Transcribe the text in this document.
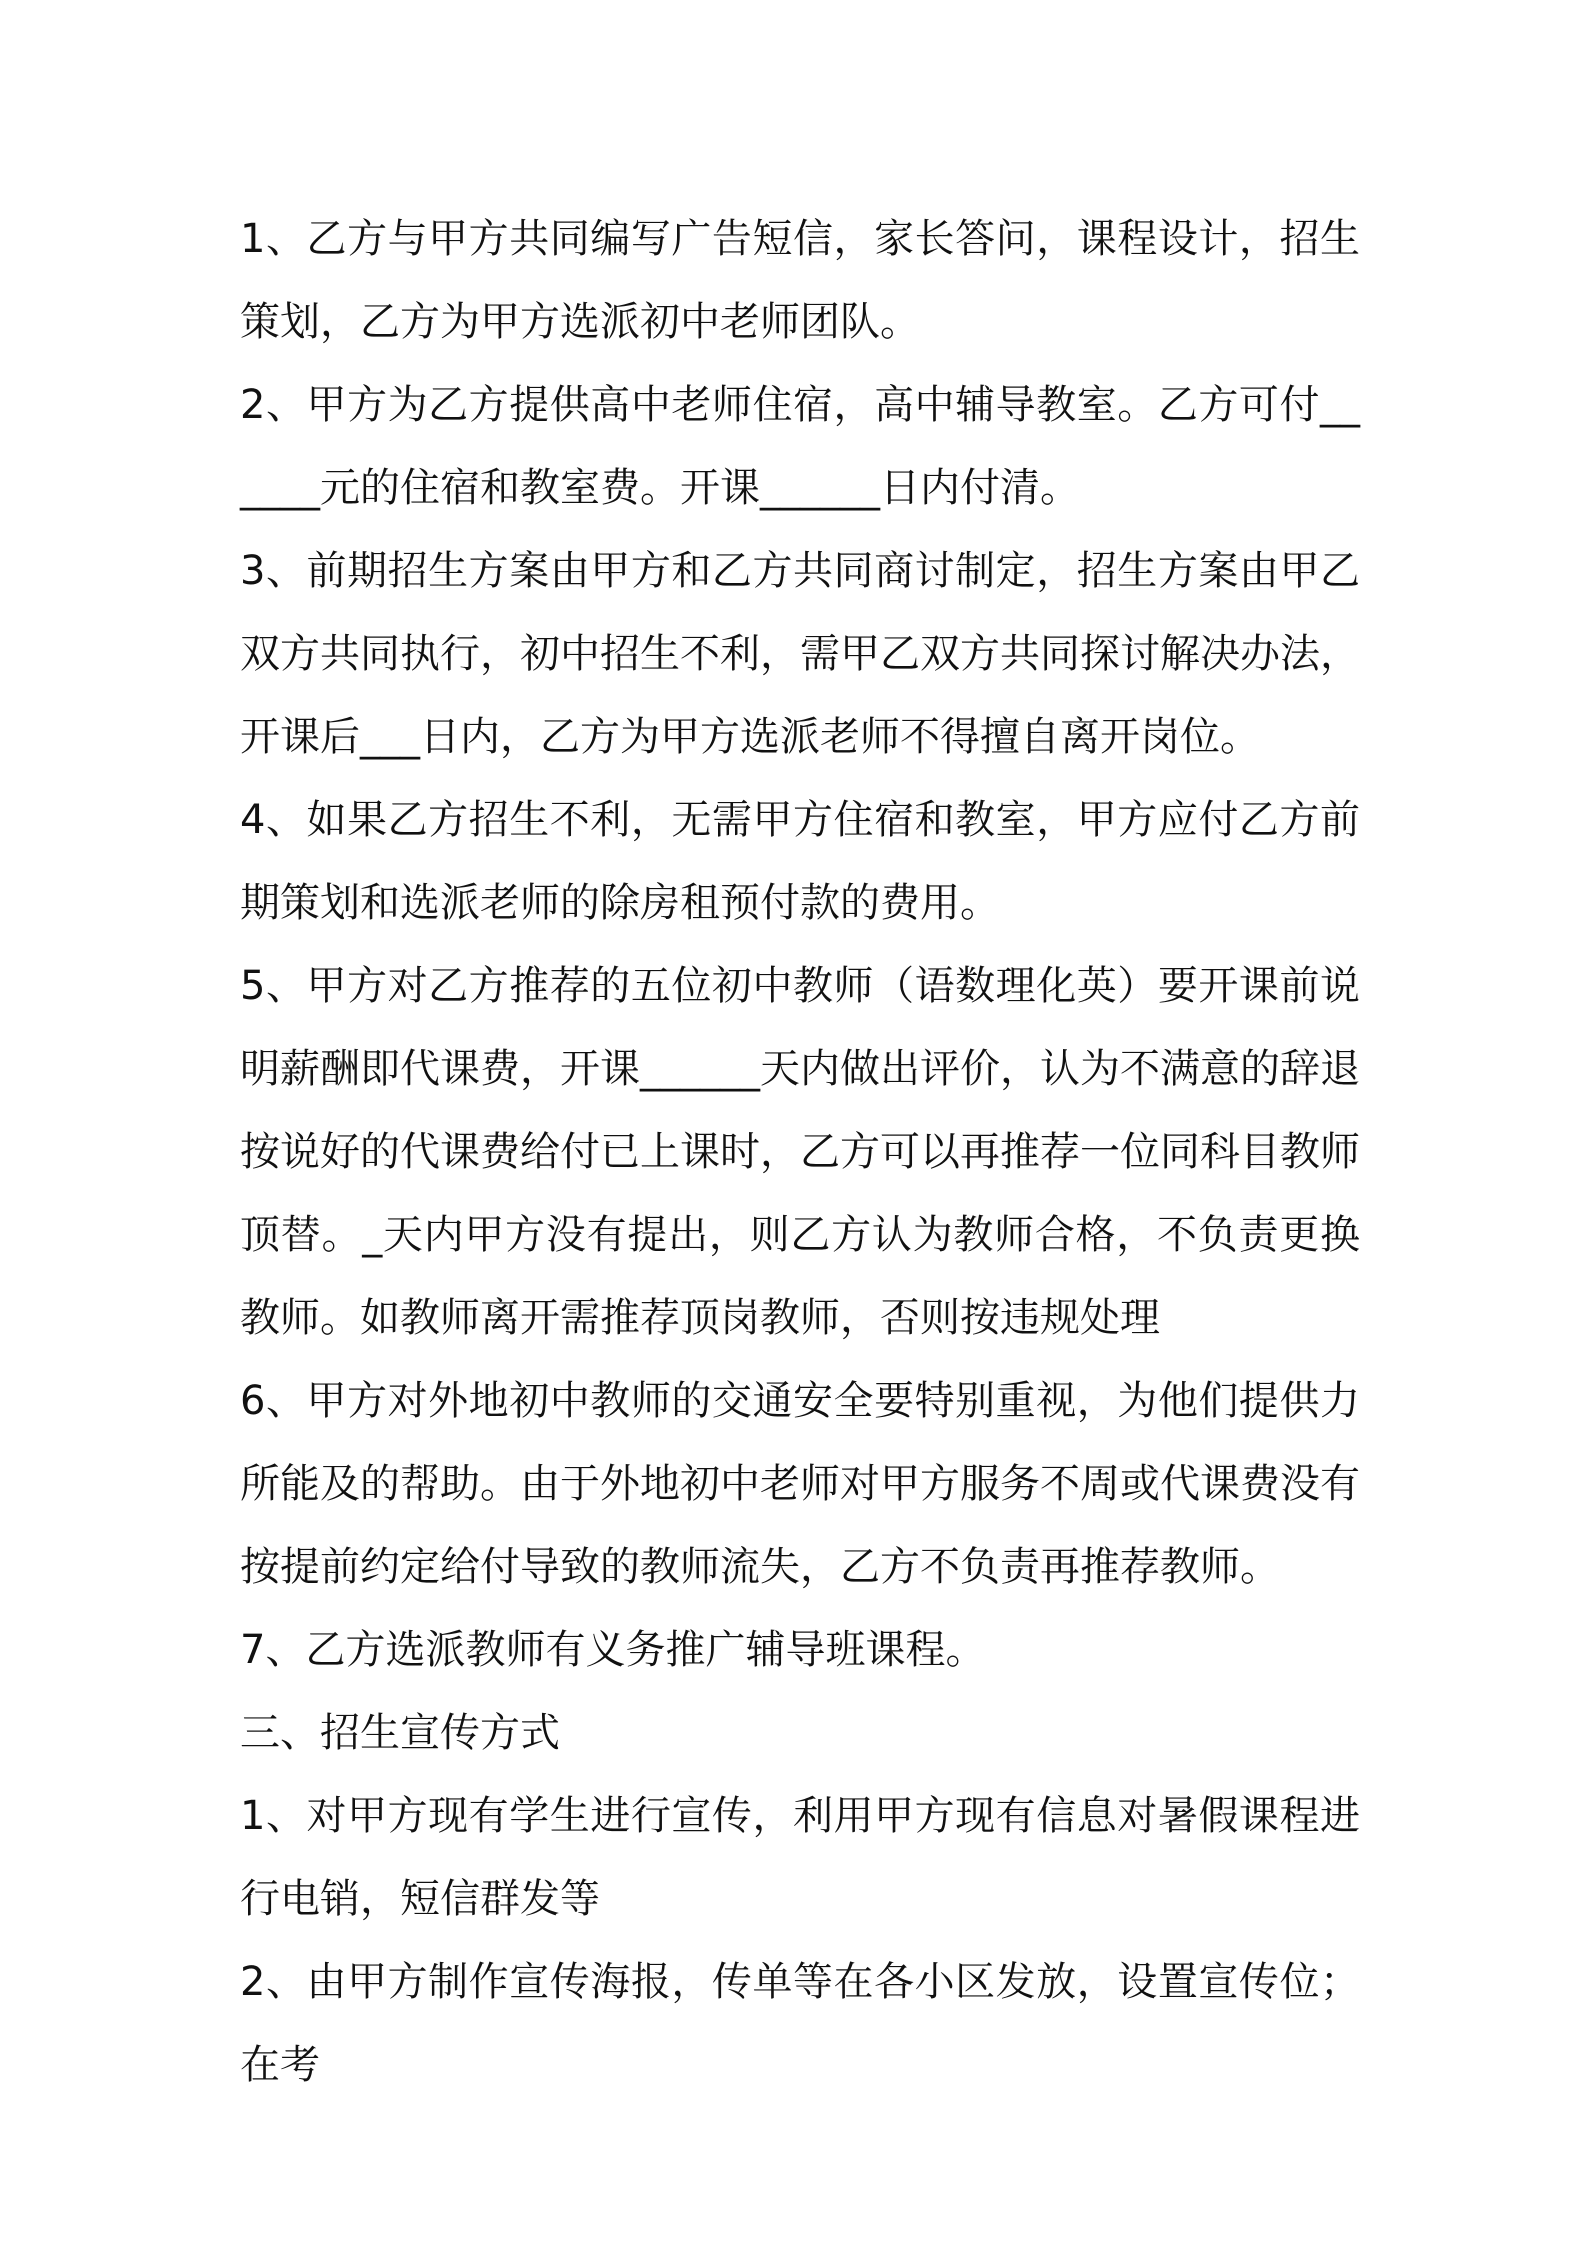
1、乙方与甲方共同编写广告短信，家长答问，课程设计，招生策划，乙方为甲方选派初中老师团队。

2、甲方为乙方提供高中老师住宿，高中辅导教室。乙方可付______元的住宿和教室费。开课______日内付清。

3、前期招生方案由甲方和乙方共同商讨制定，招生方案由甲乙双方共同执行，初中招生不利，需甲乙双方共同探讨解决办法，开课后___日内，乙方为甲方选派老师不得擅自离开岗位。

4、如果乙方招生不利，无需甲方住宿和教室，甲方应付乙方前期策划和选派老师的除房租预付款的费用。

5、甲方对乙方推荐的五位初中教师（语数理化英）要开课前说明薪酬即代课费，开课______天内做出评价，认为不满意的辞退按说好的代课费给付已上课时，乙方可以再推荐一位同科目教师顶替。_天内甲方没有提出，则乙方认为教师合格，不负责更换教师。如教师离开需推荐顶岗教师，否则按违规处理

6、甲方对外地初中教师的交通安全要特别重视，为他们提供力所能及的帮助。由于外地初中老师对甲方服务不周或代课费没有按提前约定给付导致的教师流失，乙方不负责再推荐教师。

7、乙方选派教师有义务推广辅导班课程。

三、招生宣传方式

1、对甲方现有学生进行宣传，利用甲方现有信息对暑假课程进行电销，短信群发等

2、由甲方制作宣传海报，传单等在各小区发放，设置宣传位；在考
